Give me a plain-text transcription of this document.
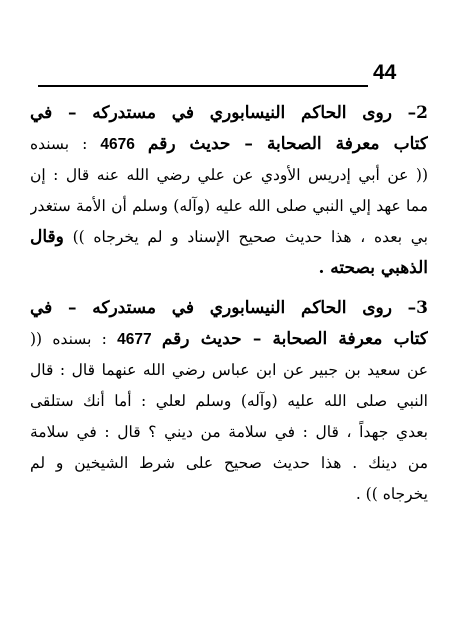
44
2– روى الحاكم النيسابوري في مستدركه – في
كتاب معرفة الصحابة – حديث رقم 4676 : بسنده
(( عن أبي إدريس الأودي عن علي رضي الله عنه قال : إن
مما عهد إلي النبي صلى الله عليه (وآله) وسلم أن الأمة ستغدر
بي بعده ، هذا حديث صحيح الإسناد و لم يخرجاه )) وقال
الذهبي بصحته .
3– روى الحاكم النيسابوري في مستدركه – في
كتاب معرفة الصحابة – حديث رقم 4677 : بسنده ((
عن سعيد بن جبير عن ابن عباس رضي الله عنهما قال : قال
النبي صلى الله عليه (وآله) وسلم لعلي : أما أنك ستلقى
بعدي جهداً ، قال : في سلامة من ديني ؟ قال : في سلامة
من دينك . هذا حديث صحيح على شرط الشيخين و لم
يخرجاه )) .
